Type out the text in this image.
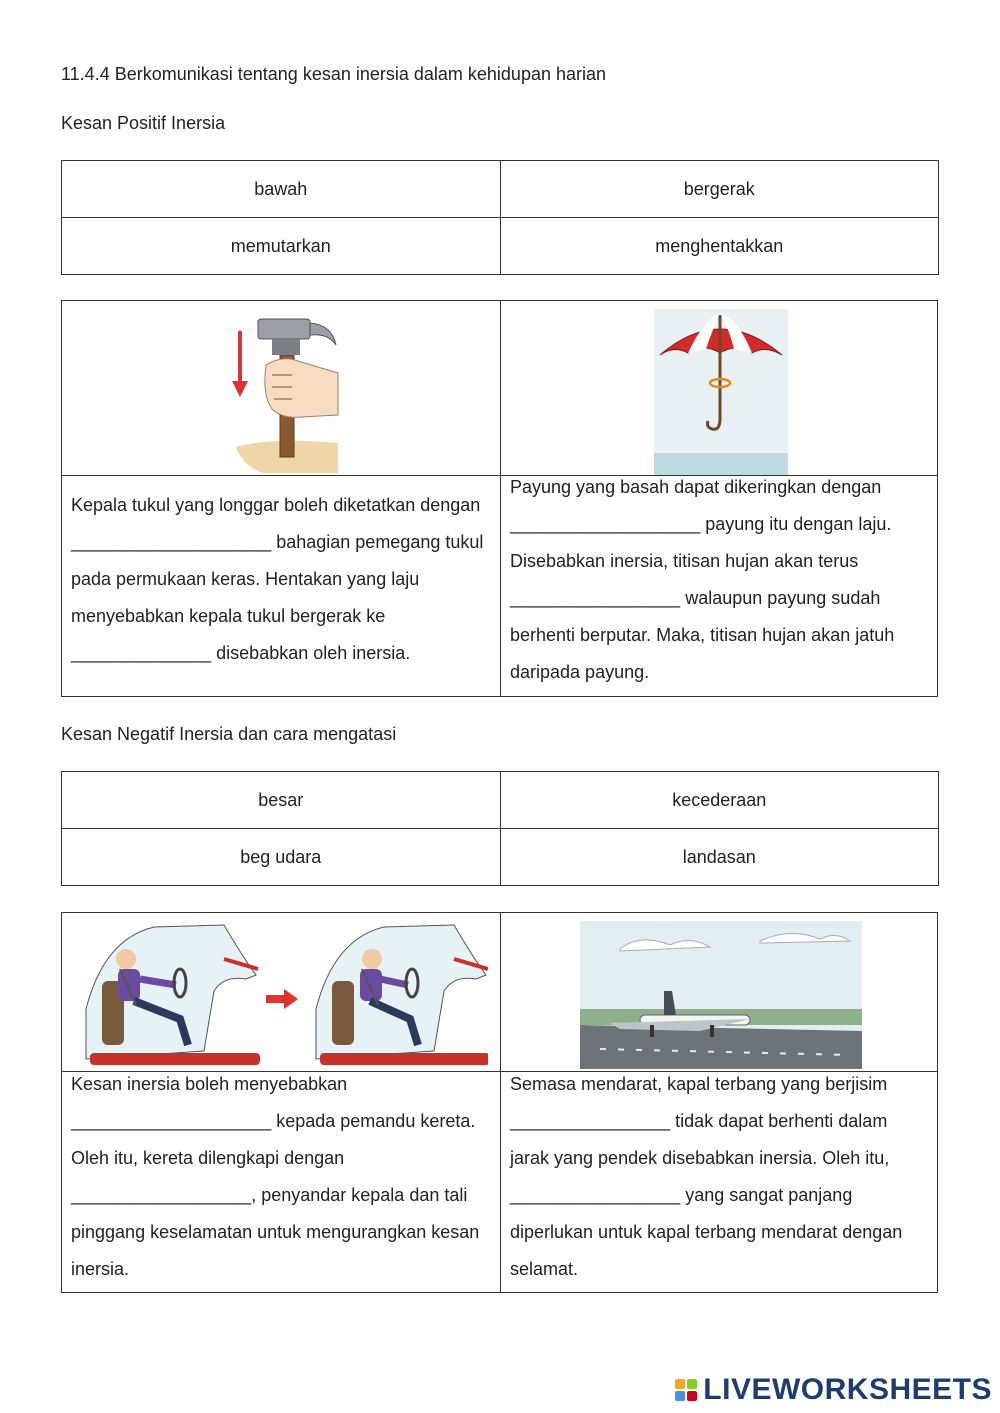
11.4.4 Berkomunikasi tentang kesan inersia dalam kehidupan harian
Kesan Positif Inersia
bawah	bergerak
memutarkan	menghentakkan
Kepala tukul yang longgar boleh diketatkan dengan
____________________ bahagian pemegang tukul
pada permukaan keras. Hentakan yang laju
menyebabkan kepala tukul bergerak ke
______________ disebabkan oleh inersia.
Payung yang basah dapat dikeringkan dengan
___________________ payung itu dengan laju.
Disebabkan inersia, titisan hujan akan terus
_________________ walaupun payung sudah
berhenti berputar. Maka, titisan hujan akan jatuh
daripada payung.
Kesan Negatif Inersia dan cara mengatasi
besar	kecederaan
beg udara	landasan
Kesan inersia boleh menyebabkan
____________________ kepada pemandu kereta.
Oleh itu, kereta dilengkapi dengan
__________________, penyandar kepala dan tali
pinggang keselamatan untuk mengurangkan kesan
inersia.
Semasa mendarat, kapal terbang yang berjisim
________________ tidak dapat berhenti dalam
jarak yang pendek disebabkan inersia. Oleh itu,
_________________ yang sangat panjang
diperlukan untuk kapal terbang mendarat dengan
selamat.
LIVEWORKSHEETS
